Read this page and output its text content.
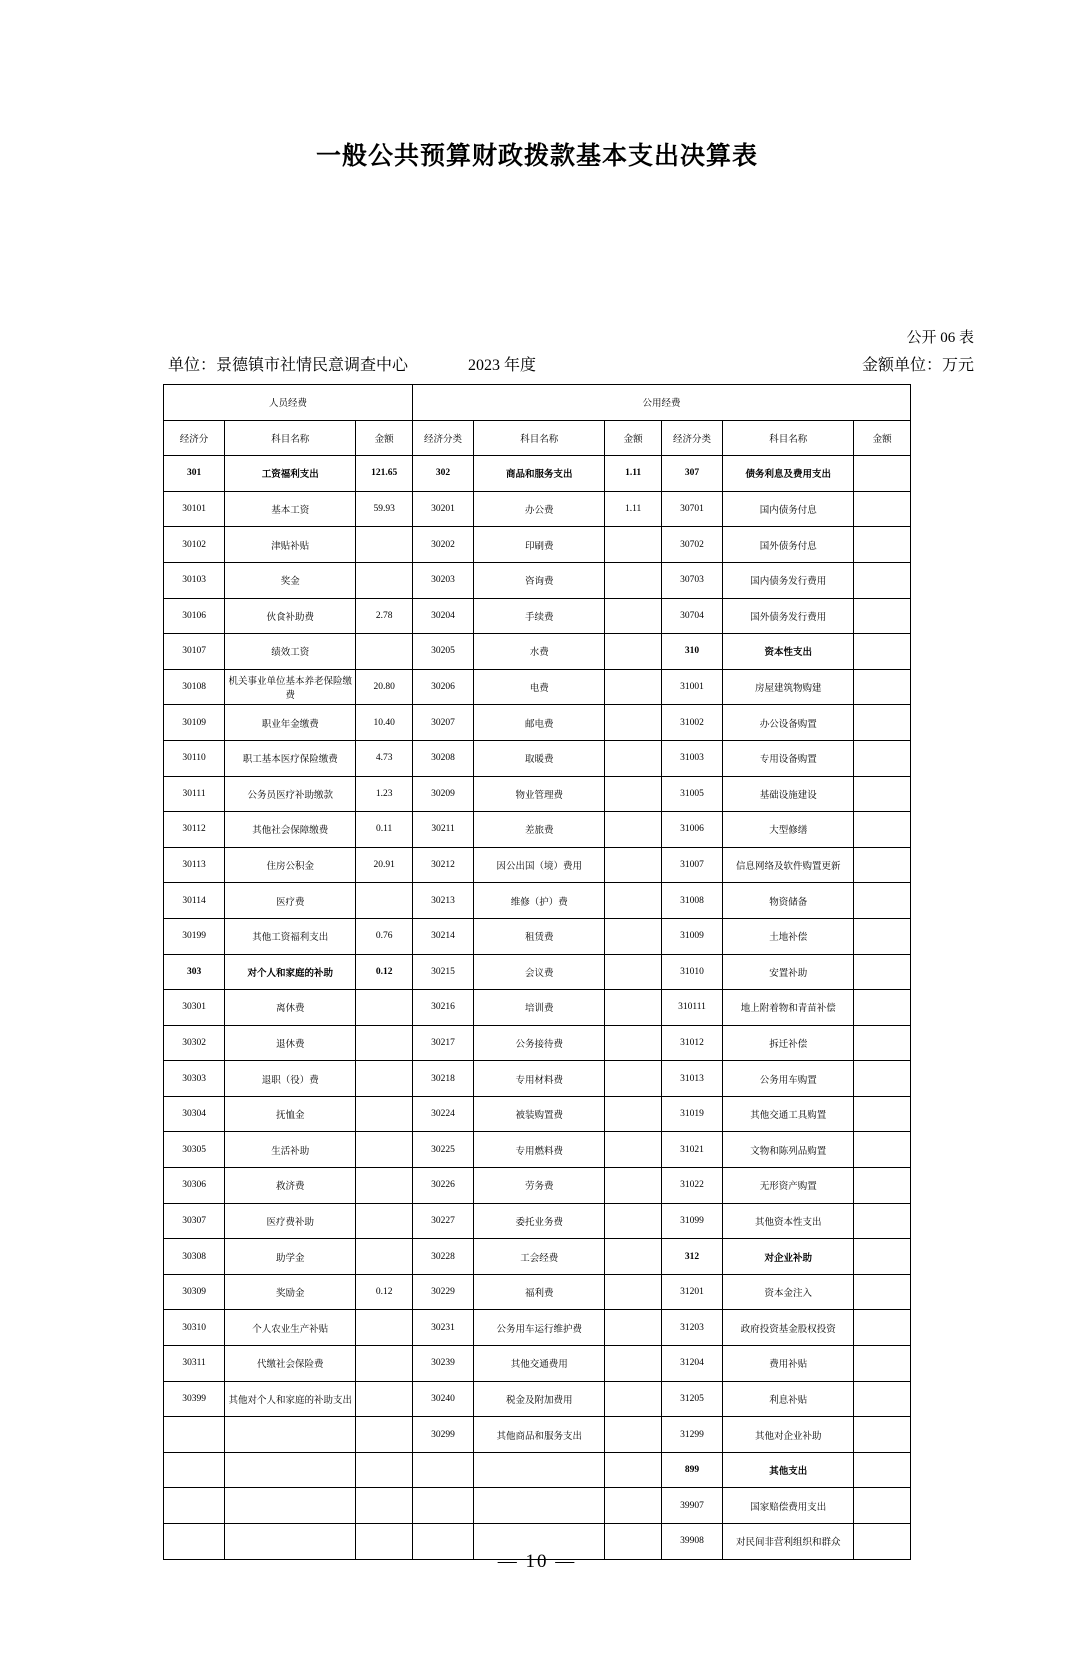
一般公共预算财政拨款基本支出决算表
公开 06 表
单位：景德镇市社情民意调查中心	2023 年度	金额单位：万元
人员经费			公用经费					
经济分	科目名称	金额	经济分类	科目名称	金额	经济分类	科目名称	金额
301	工资福利支出	121.65	302	商品和服务支出	1.11	307	债务利息及费用支出	
30101	基本工资	59.93	30201	办公费	1.11	30701	国内债务付息	
30102	津贴补贴		30202	印刷费		30702	国外债务付息	
30103	奖金		30203	咨询费		30703	国内债务发行费用	
30106	伙食补助费	2.78	30204	手续费		30704	国外债务发行费用	
30107	绩效工资		30205	水费		310	资本性支出	
30108	机关事业单位基本养老保险缴费	20.80	30206	电费		31001	房屋建筑物购建	
30109	职业年金缴费	10.40	30207	邮电费		31002	办公设备购置	
30110	职工基本医疗保险缴费	4.73	30208	取暖费		31003	专用设备购置	
30111	公务员医疗补助缴款	1.23	30209	物业管理费		31005	基础设施建设	
30112	其他社会保障缴费	0.11	30211	差旅费		31006	大型修缮	
30113	住房公积金	20.91	30212	因公出国（境）费用		31007	信息网络及软件购置更新	
30114	医疗费		30213	维修（护）费		31008	物资储备	
30199	其他工资福利支出	0.76	30214	租赁费		31009	土地补偿	
303	对个人和家庭的补助	0.12	30215	会议费		31010	安置补助	
30301	离休费		30216	培训费		310111	地上附着物和青苗补偿	
30302	退休费		30217	公务接待费		31012	拆迁补偿	
30303	退职（役）费		30218	专用材料费		31013	公务用车购置	
30304	抚恤金		30224	被装购置费		31019	其他交通工具购置	
30305	生活补助		30225	专用燃料费		31021	文物和陈列品购置	
30306	救济费		30226	劳务费		31022	无形资产购置	
30307	医疗费补助		30227	委托业务费		31099	其他资本性支出	
30308	助学金		30228	工会经费		312	对企业补助	
30309	奖励金	0.12	30229	福利费		31201	资本金注入	
30310	个人农业生产补贴		30231	公务用车运行维护费		31203	政府投资基金股权投资	
30311	代缴社会保险费		30239	其他交通费用		31204	费用补贴	
30399	其他对个人和家庭的补助支出		30240	税金及附加费用		31205	利息补贴	
			30299	其他商品和服务支出		31299	其他对企业补助	
						899	其他支出	
						39907	国家赔偿费用支出	
						39908	对民间非营利组织和群众	
— 10 —
